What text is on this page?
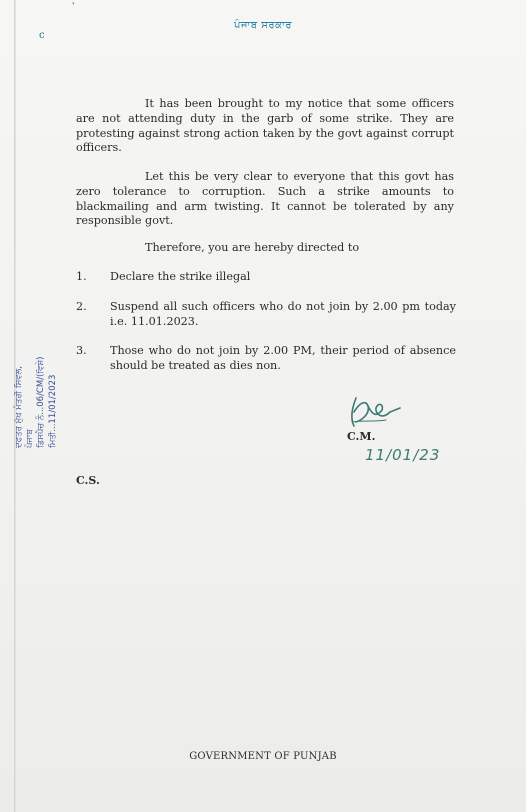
'
c
ਪੰਜਾਬ ਸਰਕਾਰ

It has been brought to my notice that some officers are not attending duty in the garb of some strike. They are protesting against strong action taken by the govt against corrupt officers.

Let this be very clear to everyone that this govt has zero tolerance to corruption. Such a strike amounts to blackmailing and arm twisting. It cannot be tolerated by any responsible govt.

Therefore, you are hereby directed to

1. Declare the strike illegal
2. Suspend all such officers who do not join by 2.00 pm today i.e. 11.01.2023.
3. Those who do not join by 2.00 PM, their period of absence should be treated as dies non.
C.M.
11/01/23
C.S.
ਦਫਤਰ ਮੁੱਖ ਮੰਤਰੀ ਸਿਵਲ, ਪੰਜਾਬ ਡਿਸਪੈਚ ਨੰ...06/CM/(ਵਿਸ਼ੇ) ਮਿਤੀ...11/01/2023
GOVERNMENT OF PUNJAB
